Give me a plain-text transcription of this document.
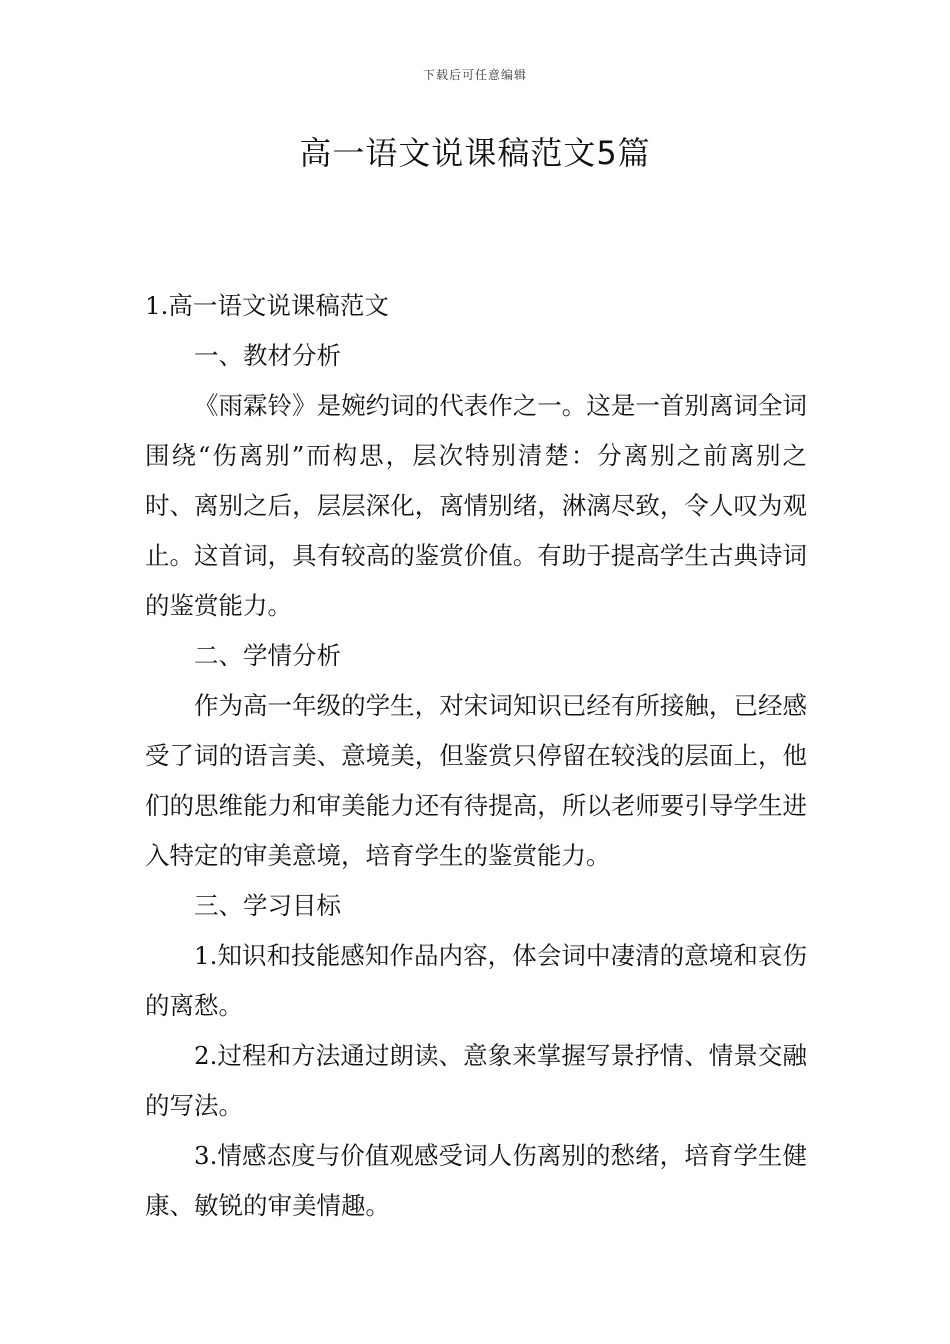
下载后可任意编辑
高一语文说课稿范文5篇

1.高一语文说课稿范文

一、教材分析

《雨霖铃》是婉约词的代表作之一。这是一首别离词全词围绕“伤离别”而构思，层次特别清楚：分离别之前离别之时、离别之后，层层深化，离情别绪，淋漓尽致，令人叹为观止。这首词，具有较高的鉴赏价值。有助于提高学生古典诗词的鉴赏能力。

二、学情分析

作为高一年级的学生，对宋词知识已经有所接触，已经感受了词的语言美、意境美，但鉴赏只停留在较浅的层面上，他们的思维能力和审美能力还有待提高，所以老师要引导学生进入特定的审美意境，培育学生的鉴赏能力。

三、学习目标

1.知识和技能感知作品内容，体会词中凄清的意境和哀伤的离愁。

2.过程和方法通过朗读、意象来掌握写景抒情、情景交融的写法。

3.情感态度与价值观感受词人伤离别的愁绪，培育学生健康、敏锐的审美情趣。
